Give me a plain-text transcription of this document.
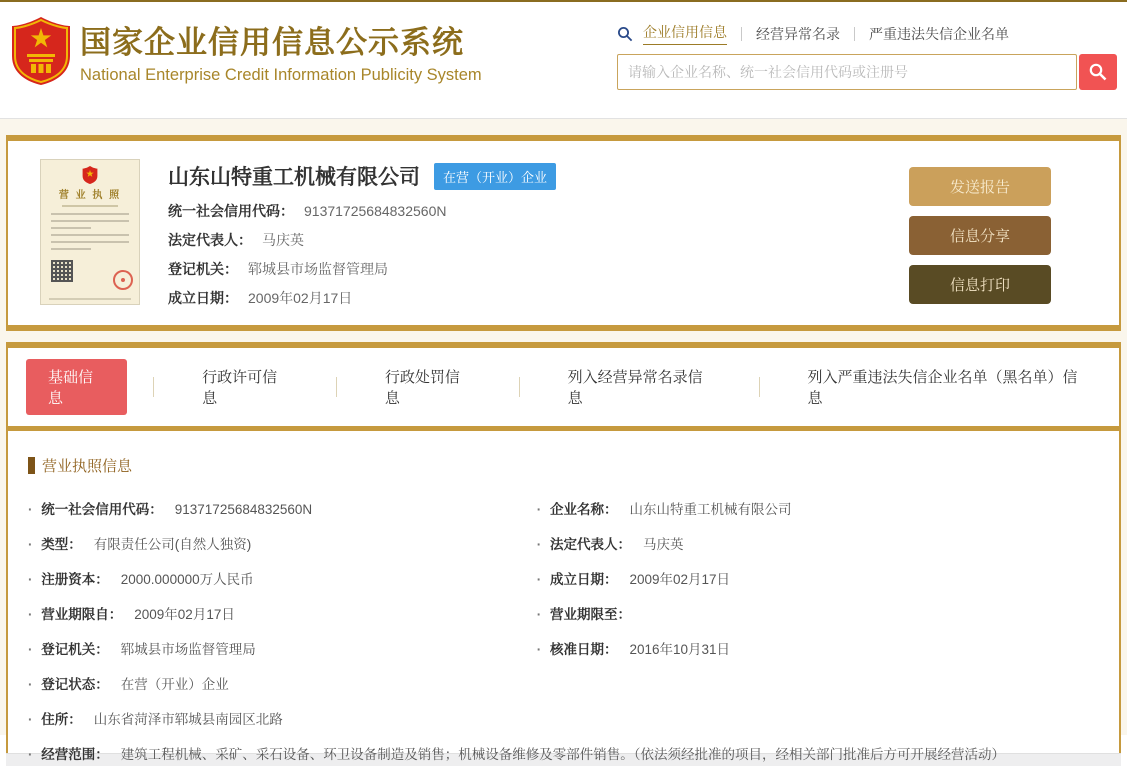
国家企业信用信息公示系统
National Enterprise Credit Information Publicity System
企业信用信息 经营异常名录 严重违法失信企业名单
请输入企业名称、统一社会信用代码或注册号
营 业 执 照
山东山特重工机械有限公司	在营（开业）企业
统一社会信用代码： 91371725684832560N
法定代表人： 马庆英
登记机关： 郓城县市场监督管理局
成立日期： 2009年02月17日
发送报告
信息分享
信息打印
基础信息
行政许可信息
行政处罚信息
列入经营异常名录信息
列入严重违法失信企业名单（黑名单）信息
营业执照信息
· 统一社会信用代码： 91371725684832560N	· 企业名称： 山东山特重工机械有限公司
· 类型： 有限责任公司(自然人独资)	· 法定代表人： 马庆英
· 注册资本： 2000.000000万人民币	· 成立日期： 2009年02月17日
· 营业期限自： 2009年02月17日	· 营业期限至：
· 登记机关： 郓城县市场监督管理局	· 核准日期： 2016年10月31日
· 登记状态： 在营（开业）企业
· 住所： 山东省菏泽市郓城县南园区北路
· 经营范围： 建筑工程机械、采矿、采石设备、环卫设备制造及销售；机械设备维修及零部件销售。（依法须经批准的项目，经相关部门批准后方可开展经营活动）
